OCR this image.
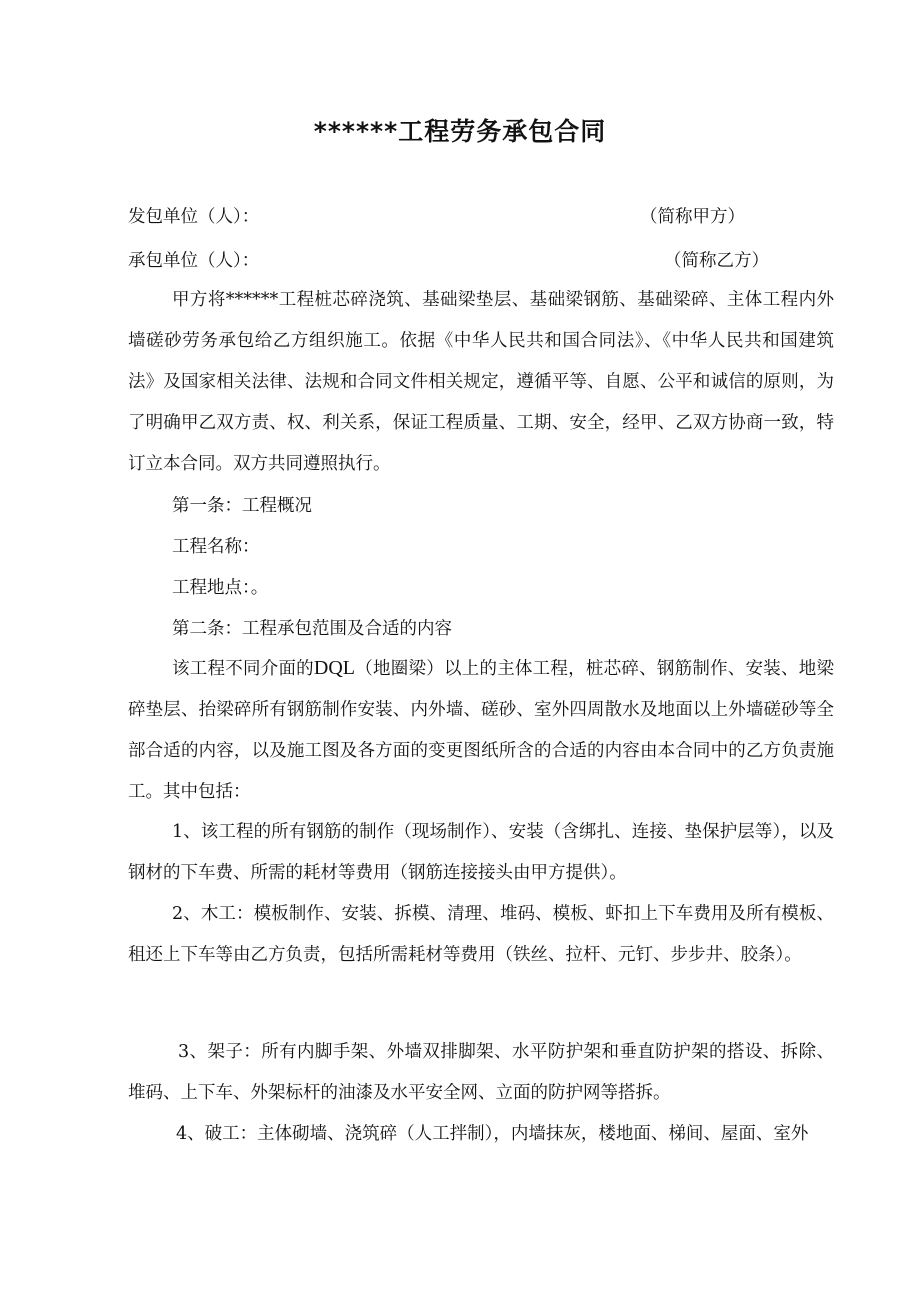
******工程劳务承包合同
发包单位（人）：	（简称甲方）
承包单位（人）：	（简称乙方）

甲方将******工程桩芯碎浇筑、基础梁垫层、基础梁钢筋、基础梁碎、主体工程内外墙磋砂劳务承包给乙方组织施工。依据《中华人民共和国合同法》、《中华人民共和国建筑法》及国家相关法律、法规和合同文件相关规定，遵循平等、自愿、公平和诚信的原则，为了明确甲乙双方责、权、利关系，保证工程质量、工期、安全，经甲、乙双方协商一致，特订立本合同。双方共同遵照执行。

第一条：工程概况
工程名称：
工程地点：。
第二条：工程承包范围及合适的内容

该工程不同介面的DQL（地圈梁）以上的主体工程，桩芯碎、钢筋制作、安装、地梁碎垫层、抬梁碎所有钢筋制作安装、内外墙、磋砂、室外四周散水及地面以上外墙磋砂等全部合适的内容，以及施工图及各方面的变更图纸所含的合适的内容由本合同中的乙方负责施工。其中包括：

1、该工程的所有钢筋的制作（现场制作）、安装（含绑扎、连接、垫保护层等），以及钢材的下车费、所需的耗材等费用（钢筋连接接头由甲方提供）。

2、木工：模板制作、安装、拆模、清理、堆码、模板、虾扣上下车费用及所有模板、租还上下车等由乙方负责，包括所需耗材等费用（铁丝、拉杆、元钉、步步井、胶条）。

3、架子：所有内脚手架、外墙双排脚架、水平防护架和垂直防护架的搭设、拆除、堆码、上下车、外架标杆的油漆及水平安全网、立面的防护网等搭拆。

4、破工：主体砌墙、浇筑碎（人工拌制），内墙抹灰，楼地面、梯间、屋面、室外
